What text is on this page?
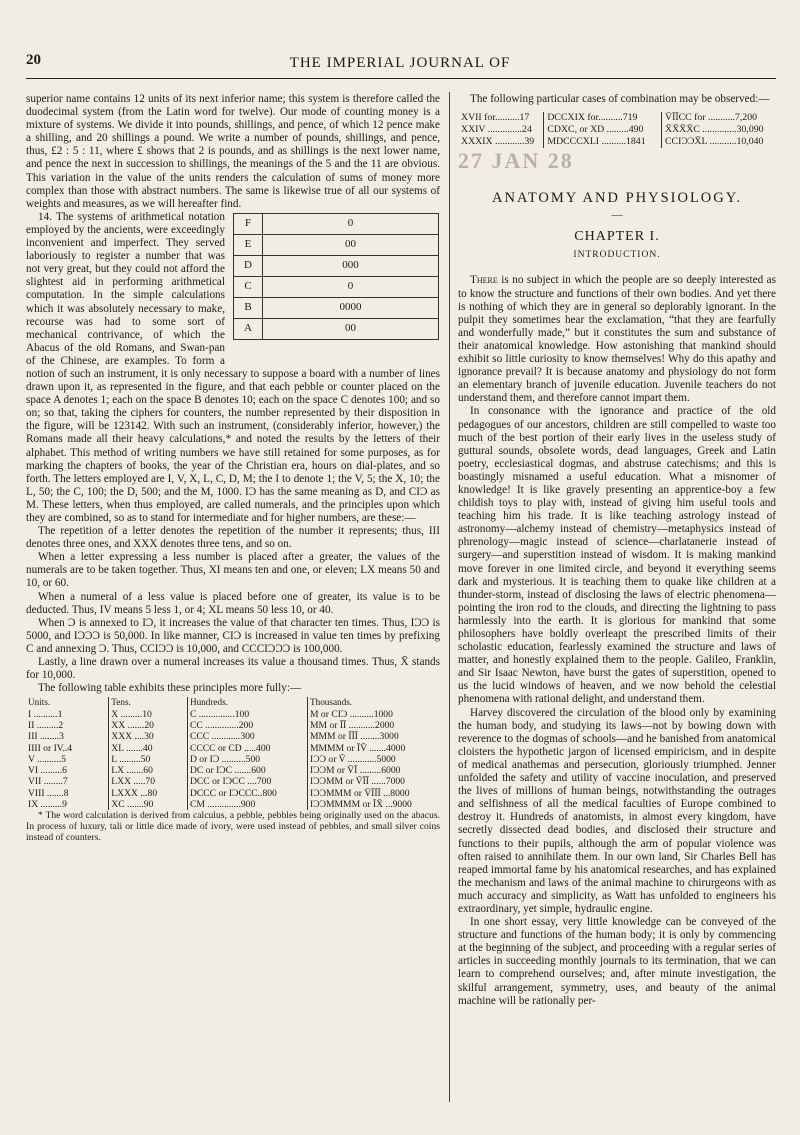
20	THE IMPERIAL JOURNAL OF

superior name contains 12 units of its next inferior name; this system is therefore called the duodecimal system (from the Latin word for twelve). Our mode of counting money is a mixture of systems. We divide it into pounds, shillings, and pence, of which 12 pence make a shilling, and 20 shillings a pound. We write a number of pounds, shillings, and pence, thus, £2 : 5 : 11, where £ shows that 2 is pounds, and as shillings is the next lower name, and pence the next in succession to shillings, the meanings of the 5 and the 11 are obvious. This variation in the value of the units renders the calculation of sums of money more complex than those with abstract numbers. The same is likewise true of all our systems of weights and measures, as we will hereafter find.

F	0
E	00
D	000
C	0
B	0000
A	00

14. The systems of arithmetical notation employed by the ancients, were exceedingly inconvenient and imperfect. They served laboriously to register a number that was not very great, but they could not afford the slightest aid in performing arithmetical computation. In the simple calculations which it was absolutely necessary to make, recourse was had to some sort of mechanical contrivance, of which the Abacus of the old Romans, and Swan-pan of the Chinese, are examples. To form a notion of such an instrument, it is only necessary to suppose a board with a number of lines drawn upon it, as represented in the figure, and that each pebble or counter placed on the space A denotes 1; each on the space B denotes 10; each on the space C denotes 100; and so on; so that, taking the ciphers for counters, the number represented by their disposition in the figure, will be 123142. With such an instrument, (considerably inferior, however,) the Romans made all their heavy calculations,* and noted the results by the letters of their alphabet. This method of writing numbers we have still retained for some purposes, as for marking the chapters of books, the year of the Christian era, hours on dial-plates, and so forth. The letters employed are I, V, X, L, C, D, M; the I to denote 1; the V, 5; the X, 10; the L, 50; the C, 100; the D, 500; and the M, 1000. IƆ has the same meaning as D, and CIƆ as M. These letters, when thus employed, are called numerals, and the principles upon which they are combined, so as to stand for intermediate and for higher numbers, are these:—

The repetition of a letter denotes the repetition of the number it represents; thus, III denotes three ones, and XXX denotes three tens, and so on.

When a letter expressing a less number is placed after a greater, the values of the numerals are to be taken together. Thus, XI means ten and one, or eleven; LX means 50 and 10, or 60.

When a numeral of a less value is placed before one of greater, its value is to be deducted. Thus, IV means 5 less 1, or 4; XL means 50 less 10, or 40.

When Ɔ is annexed to IƆ, it increases the value of that character ten times. Thus, IƆƆ is 5000, and IƆƆƆ is 50,000. In like manner, CIƆ is increased in value ten times by prefixing C and annexing Ɔ. Thus, CCIƆƆ is 10,000, and CCCIƆƆƆ is 100,000.

Lastly, a line drawn over a numeral increases its value a thousand times. Thus, X̄ stands for 10,000.

The following table exhibits these principles more fully:—

Units.	Tens.	Hundreds.	Thousands.
I ..........1	X .........10	C ...............100	M or CIƆ ..........1000
II .........2	XX .......20	CC ..............200	MM or ĪĪ ...........2000
III ........3	XXX ....30	CCC ............300	MMM or ĪĪĪ ........3000
IIII or IV..4	XL .......40	CCCC or CD .....400	MMMM or ĪV̄ .......4000
V ..........5	L .........50	D or IƆ ..........500	IƆƆ or V̄ ............5000
VI .........6	LX .......60	DC or IƆC .......600	IƆƆM or V̄Ī .........6000
VII ........7	LXX .....70	DCC or IƆCC ....700	IƆƆMM or V̄ĪĪ ......7000
VIII .......8	LXXX ...80	DCCC or IƆCCC..800	IƆƆMMM or V̄ĪĪĪ ...8000
IX .........9	XC .......90	CM ..............900	IƆƆMMMM or ĪX̄ ...9000

* The word calculation is derived from calculus, a pebble, pebbles being originally used on the abacus. In process of luxury, tali or little dice made of ivory, were used instead of pebbles, and small silver coins instead of counters.

The following particular cases of combination may be observed:—

XVII for..........17	DCCXIX for..........719	V̄ĪĪCC for ...........7,200
XXIV ..............24	CDXC, or XD .........490	X̄X̄X̄X̄C ..............30,090
XXXIX ............39	MDCCCXLI ..........1841	CCIƆƆX̄L ...........10,040
27 JAN 28
ANATOMY AND PHYSIOLOGY.
—
CHAPTER I.
INTRODUCTION.

There is no subject in which the people are so deeply interested as to know the structure and functions of their own bodies. And yet there is nothing of which they are in general so deplorably ignorant. In the pulpit they sometimes hear the exclamation, “that they are fearfully and wonderfully made,” but it constitutes the sum and substance of their anatomical knowledge. How astonishing that mankind should exhibit so little curiosity to know themselves! Why do this apathy and ignorance prevail? It is because anatomy and physiology do not form an elementary branch of juvenile education. Juvenile teachers do not understand them, and therefore cannot impart them.

In consonance with the ignorance and practice of the old pedagogues of our ancestors, children are still compelled to waste too much of the best portion of their early lives in the useless study of guttural sounds, obsolete words, dead languages, Greek and Latin poetry, ecclesiastical dogmas, and abstruse catechisms; and this is boastingly misnamed a useful education. What a misnomer of knowledge! It is like gravely presenting an apprentice-boy a few childish toys to play with, instead of giving him useful tools and teaching him his trade. It is like teaching astrology instead of astronomy—alchemy instead of chemistry—metaphysics instead of phrenology—magic instead of science—charlatanerie instead of surgery—and superstition instead of wisdom. It is making mankind move forever in one limited circle, and beyond it everything seems dark and mysterious. It is teaching them to quake like children at a thunder-storm, instead of disclosing the laws of electric phenomena—pointing the iron rod to the clouds, and directing the lightning to pass harmlessly into the earth. It is glorious for mankind that some philosophers have boldly overleapt the prescribed limits of their scholastic education, fearlessly examined the structure and laws of matter, and honestly explained them to the people. Galileo, Franklin, and Sir Isaac Newton, have burst the gates of superstition, opened to us the lucid windows of heaven, and we now behold the celestial phenomena with rational delight, and understand them.

Harvey discovered the circulation of the blood only by examining the human body, and studying its laws—not by bowing down with reverence to the dogmas of schools—and he banished from anatomical cloisters the hypothetic jargon of licensed empiricism, and in despite of medical anathemas and persecution, gloriously triumphed. Jenner unfolded the safety and utility of vaccine inoculation, and preserved the lives of millions of human beings, notwithstanding the outrages and selfishness of all the medical faculties of Europe combined to destroy it. Hundreds of anatomists, in almost every kingdom, have secretly dissected dead bodies, and disclosed their structure and functions to their pupils, although the arm of popular violence was often raised to annihilate them. In our own land, Sir Charles Bell has reaped immortal fame by his anatomical researches, and has explained the mechanism and laws of the animal machine to chirurgeons with as much accuracy and simplicity, as Watt has unfolded to engineers his extraordinary, yet simple, hydraulic engine.

In one short essay, very little knowledge can be conveyed of the structure and functions of the human body; it is only by commencing at the beginning of the subject, and proceeding with a regular series of articles in succeeding monthly journals to its termination, that we can learn to comprehend ourselves; and, after minute investigation, the skilful arrangement, symmetry, uses, and beauty of the animal machine will be rationally per-
